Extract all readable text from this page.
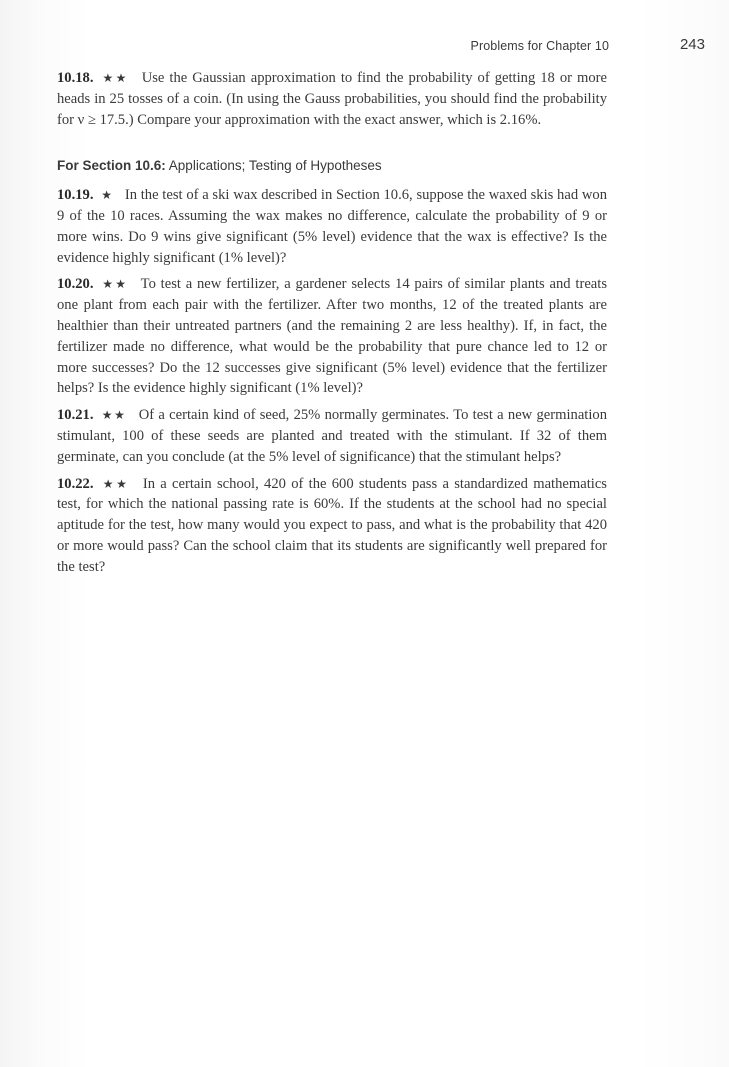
Problems for Chapter 10	243

10.18. ★★ Use the Gaussian approximation to find the probability of getting 18 or more heads in 25 tosses of a coin. (In using the Gauss probabilities, you should find the probability for ν ≥ 17.5.) Compare your approximation with the exact answer, which is 2.16%.

For Section 10.6: Applications; Testing of Hypotheses

10.19. ★ In the test of a ski wax described in Section 10.6, suppose the waxed skis had won 9 of the 10 races. Assuming the wax makes no difference, calculate the probability of 9 or more wins. Do 9 wins give significant (5% level) evidence that the wax is effective? Is the evidence highly significant (1% level)?

10.20. ★★ To test a new fertilizer, a gardener selects 14 pairs of similar plants and treats one plant from each pair with the fertilizer. After two months, 12 of the treated plants are healthier than their untreated partners (and the remaining 2 are less healthy). If, in fact, the fertilizer made no difference, what would be the probability that pure chance led to 12 or more successes? Do the 12 successes give significant (5% level) evidence that the fertilizer helps? Is the evidence highly significant (1% level)?

10.21. ★★ Of a certain kind of seed, 25% normally germinates. To test a new germination stimulant, 100 of these seeds are planted and treated with the stimulant. If 32 of them germinate, can you conclude (at the 5% level of significance) that the stimulant helps?

10.22. ★★ In a certain school, 420 of the 600 students pass a standardized mathematics test, for which the national passing rate is 60%. If the students at the school had no special aptitude for the test, how many would you expect to pass, and what is the probability that 420 or more would pass? Can the school claim that its students are significantly well prepared for the test?
